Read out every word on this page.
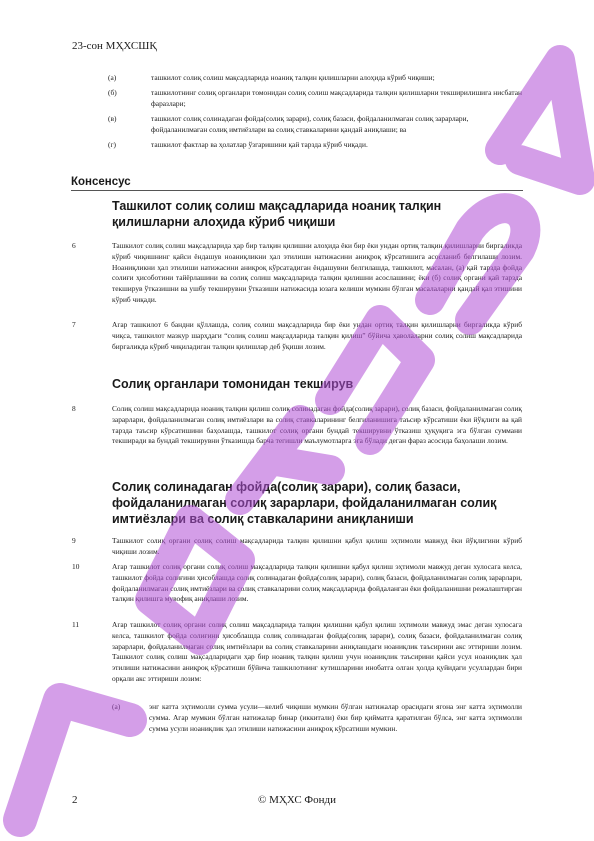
23-сон МҲХСШҚ
(а)	ташкилот солиқ солиш мақсадларида ноаниқ талқин қилишларни алоҳида кўриб чиқиши;
(б)	ташкилотнинг солиқ органлари томонидан солиқ солиш мақсадларида талқин қилишларни текширилишига нисбатан фаразлари;
(в)	ташкилот солиқ солинадаган фойда(солиқ зарари), солиқ базаси, фойдаланилмаган солиқ зарарлари, фойдаланилмаган солиқ имтиёзлари ва солиқ ставкаларини қандай аниқлаши; ва
(г)	ташкилот фактлар ва ҳолатлар ўзгаришини қай тарзда кўриб чиқади.
Консенсус
Ташкилот солиқ солиш мақсадларида ноаниқ талқин қилишларни алоҳида кўриб чиқиши
6	Ташкилот солиқ солиш мақсадларида ҳар бир талқин қилишни алоҳида ёки бир ёки ундан ортиқ талқин қилишларни биргаликда кўриб чиқишнинг қайси ёндашув ноаниқликни ҳал этилиши натижасини аниқроқ кўрсатишига асосланиб белгилаши лозим. Ноаниқликни ҳал этилиши натижасини аниқроқ кўрсатадиган ёндашувни белгилашда, ташкилот, масалан, (а) қай тарзда фойда солиғи ҳисоботини тайёрлашини ва солиқ солиш мақсадларида талқин қилишни асослашини; ёки (б) солиқ органи қай тарзда текширув ўтказишни ва ушбу текширувни ўтказиши натижасида юзага келиши мумкин бўлган масалаларни қандай қал этишини кўриб чиқади.
7	Агар ташкилот 6 бандни қўллашда, солиқ солиш мақсадларида бир ёки ундан ортиқ талқин қилишларни биргаликда кўриб чиқса, ташкилот мазкур шарҳдаги “солиқ солиш мақсадларида талқин қилиш” бўйича ҳаволаларни солиқ солиш мақсадларида биргаликда кўриб чиқиладиган талқин қилишлар деб ўқиши лозим.
Солиқ органлари томонидан текширув
8	Солиқ солиш мақсадларида ноаниқ талқин қилиш солиқ солинадаган фойда(солиқ зарари), солиқ базаси, фойдаланилмаган солиқ зарарлари, фойдаланилмаган солиқ имтиёзлари ва солиқ ставкаларининг белгиланишига таъсир кўрсатиши ёки йўқлиги ва қай тарзда таъсир кўрсатишини баҳолашда, ташкилот солиқ органи бундай текширувни ўтказиш ҳуқуқига эга бўлган суммани текширади ва бундай текширувни ўтказишда барча тегишли маълумотларга эга бўлади деган фараз асосида баҳолаши лозим.
Солиқ солинадаган фойда(солиқ зарари), солиқ базаси, фойдаланилмаган солиқ зарарлари, фойдаланилмаган солиқ имтиёзлари ва солиқ ставкаларини аниқланиши
9	Ташкилот солиқ органи солиқ солиш мақсадларида талқин қилишни қабул қилиш эҳтимоли мавжуд ёки йўқлигини кўриб чиқиши лозим.
10	Агар ташкилот солиқ органи солиқ солиш мақсадларида талқин қилишни қабул қилиш эҳтимоли мавжуд деган хулосага келса, ташкилот фойда солиғини ҳисоблашда солиқ солинадаган фойда(солиқ зарари), солиқ базаси, фойдаланилмаган солиқ зарарлари, фойдаланилмаган солиқ имтиёзлари ва солиқ ставкаларини солиқ мақсадларида фойдаланган ёки фойдаланишни режалаштирган талқин қилишга мувофиқ аниқлаши лозим.
11	Агар ташкилот солиқ органи солиқ солиш мақсадларида талқин қилишни қабул қилиш эҳтимоли мавжуд эмас деган хулосага келса, ташкилот фойда солиғини ҳисоблашда солиқ солинадаган фойда(солиқ зарари), солиқ базаси, фойдаланилмаган солиқ зарарлари, фойдаланилмаган солиқ имтиёзлари ва солиқ ставкаларини аниқлашдаги ноаниқлик таъсирини акс эттириши лозим. Ташкилот солиқ солиш мақсадларидаги ҳар бир ноаниқ талқин қилиш учун ноаниқлик таъсирини қайси усул ноаниқлик ҳал этилиши натижасини аниқроқ кўрсатиши бўйича ташкилотнинг кутишларини инобатга олган ҳолда қуйидаги усуллардан бири орқали акс эттириши лозим:
(а)	энг катта эҳтимолли сумма усули—келиб чиқиши мумкин бўлган натижалар орасидаги ягона энг катта эҳтимолли сумма. Агар мумкин бўлган натижалар бинар (иккитали) ёки бир қийматга қаратилган бўлса, энг катта эҳтимолли сумма усули ноаниқлик ҳал этилиши натижасини аниқроқ кўрсатиши мумкин.
2	© МҲХС Фонди
